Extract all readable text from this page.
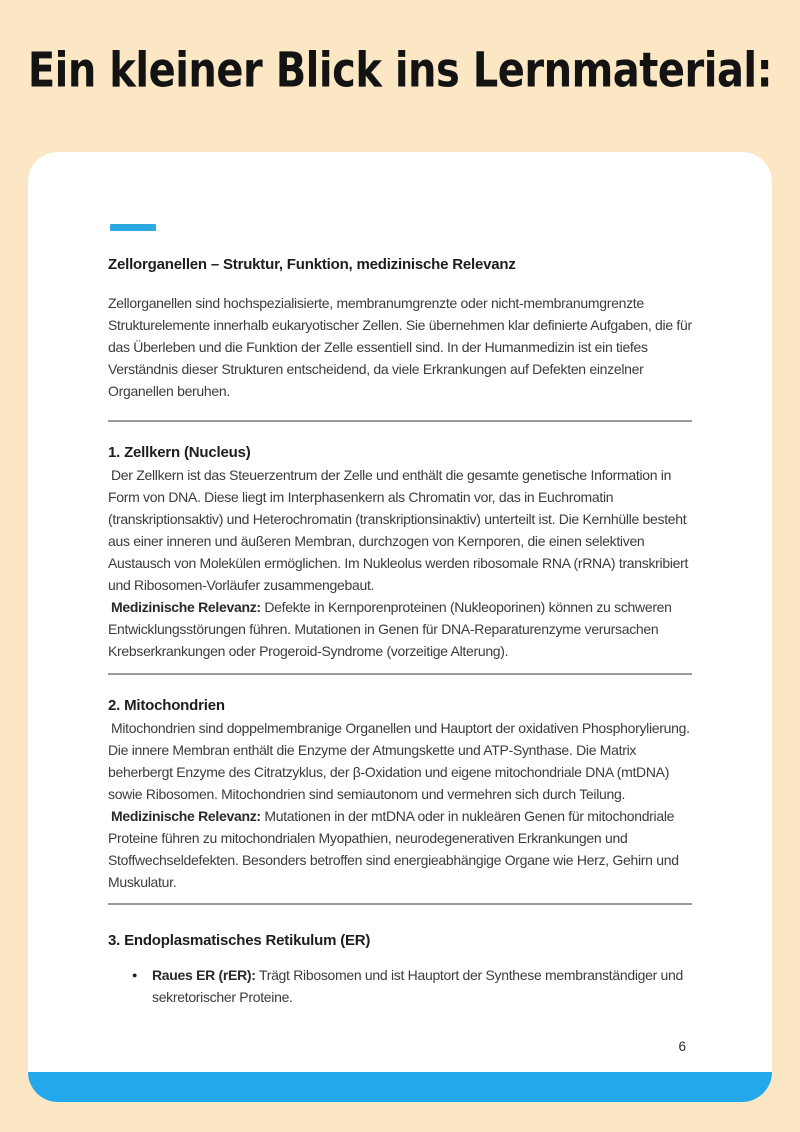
Ein kleiner Blick ins Lernmaterial:
Zellorganellen – Struktur, Funktion, medizinische Relevanz

Zellorganellen sind hochspezialisierte, membranumgrenzte oder nicht-membranumgrenzte Strukturelemente innerhalb eukaryotischer Zellen. Sie übernehmen klar definierte Aufgaben, die für das Überleben und die Funktion der Zelle essentiell sind. In der Humanmedizin ist ein tiefes Verständnis dieser Strukturen entscheidend, da viele Erkrankungen auf Defekten einzelner Organellen beruhen.

1. Zellkern (Nucleus)

Der Zellkern ist das Steuerzentrum der Zelle und enthält die gesamte genetische Information in Form von DNA. Diese liegt im Interphasenkern als Chromatin vor, das in Euchromatin (transkriptionsaktiv) und Heterochromatin (transkriptionsinaktiv) unterteilt ist. Die Kernhülle besteht aus einer inneren und äußeren Membran, durchzogen von Kernporen, die einen selektiven Austausch von Molekülen ermöglichen. Im Nukleolus werden ribosomale RNA (rRNA) transkribiert und Ribosomen-Vorläufer zusammengebaut.

Medizinische Relevanz: Defekte in Kernporenproteinen (Nukleoporinen) können zu schweren Entwicklungsstörungen führen. Mutationen in Genen für DNA-Reparaturenzyme verursachen Krebserkrankungen oder Progeroid-Syndrome (vorzeitige Alterung).

2. Mitochondrien

Mitochondrien sind doppelmembranige Organellen und Hauptort der oxidativen Phosphorylierung. Die innere Membran enthält die Enzyme der Atmungskette und ATP-Synthase. Die Matrix beherbergt Enzyme des Citratzyklus, der β-Oxidation und eigene mitochondriale DNA (mtDNA) sowie Ribosomen. Mitochondrien sind semiautonom und vermehren sich durch Teilung.

Medizinische Relevanz: Mutationen in der mtDNA oder in nukleären Genen für mitochondriale Proteine führen zu mitochondrialen Myopathien, neurodegenerativen Erkrankungen und Stoffwechseldefekten. Besonders betroffen sind energieabhängige Organe wie Herz, Gehirn und Muskulatur.

3. Endoplasmatisches Retikulum (ER)
●	Raues ER (rER): Trägt Ribosomen und ist Hauptort der Synthese membranständiger und sekretorischer Proteine.
6
